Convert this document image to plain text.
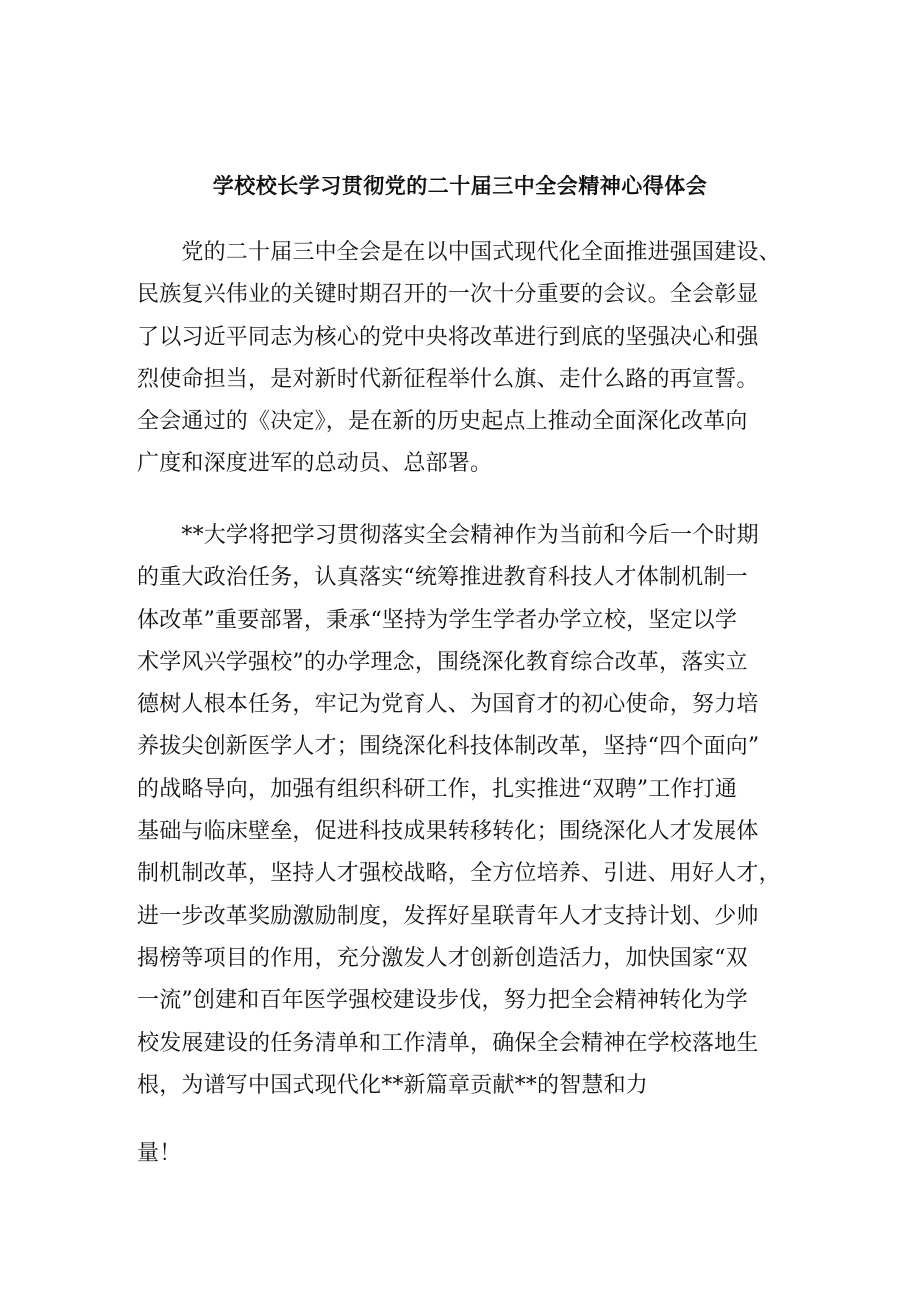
学校校长学习贯彻党的二十届三中全会精神心得体会

　　党的二十届三中全会是在以中国式现代化全面推进强国建设、
民族复兴伟业的关键时期召开的一次十分重要的会议。全会彰显
了以习近平同志为核心的党中央将改革进行到底的坚强决心和强
烈使命担当，是对新时代新征程举什么旗、走什么路的再宣誓。
全会通过的《决定》，是在新的历史起点上推动全面深化改革向
广度和深度进军的总动员、总部署。

　　**大学将把学习贯彻落实全会精神作为当前和今后一个时期
的重大政治任务，认真落实“统筹推进教育科技人才体制机制一
体改革”重要部署，秉承“坚持为学生学者办学立校，坚定以学
术学风兴学强校”的办学理念，围绕深化教育综合改革，落实立
德树人根本任务，牢记为党育人、为国育才的初心使命，努力培
养拔尖创新医学人才；围绕深化科技体制改革，坚持“四个面向”
的战略导向，加强有组织科研工作，扎实推进“双聘”工作打通
基础与临床壁垒，促进科技成果转移转化；围绕深化人才发展体
制机制改革，坚持人才强校战略，全方位培养、引进、用好人才，
进一步改革奖励激励制度，发挥好星联青年人才支持计划、少帅
揭榜等项目的作用，充分激发人才创新创造活力，加快国家“双
一流”创建和百年医学强校建设步伐，努力把全会精神转化为学
校发展建设的任务清单和工作清单，确保全会精神在学校落地生
根，为谱写中国式现代化**新篇章贡献**的智慧和力

量！
